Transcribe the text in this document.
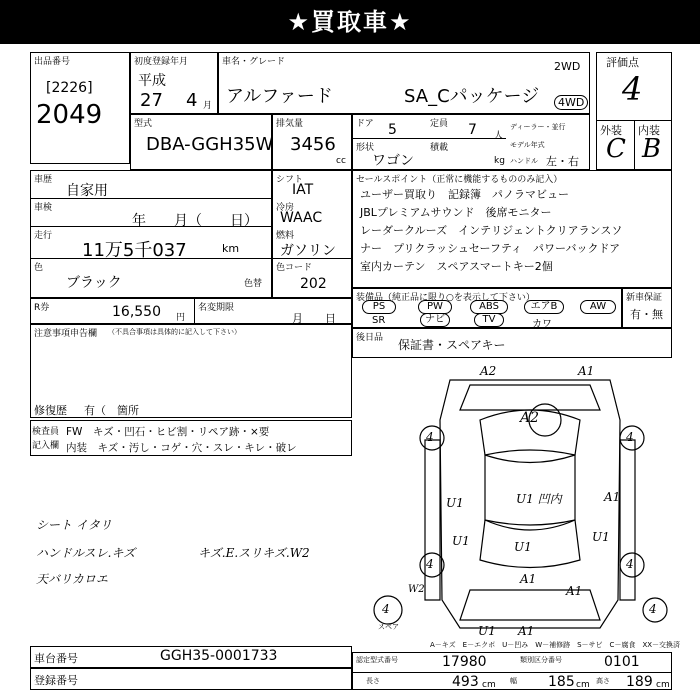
★買取車★
出品番号
[2226]
2049
初度登録年月
平成
27 4 月
車名・グレード
アルファード	SA_Cパッケージ
2WD
4WD
評価点
4
外装 内装
C B
型式
DBA-GGH35W
排気量
3456
cc
ドア 5	定員 7 人
ディーラー・並行
モデル年式
形状
ワゴン
積載
kg ハンドル 左・右
車歴
自家用
車検
年　　月（　　日）
走行
11万5千037	km
色
ブラック	色替
シフト
IAT
冷房
WAAC
燃料
ガソリン
色コード
202
セールスポイント（正常に機能するもののみ記入）
ユーザー買取り　記録簿　パノラマビュー
JBLプレミアムサウンド　後席モニター
レーダークルーズ　インテリジェントクリアランスソ
ナー　プリクラッシュセーフティ　パワーバックドア
室内カーテン　スペアスマートキー2個
R券	16,550 円
名変期限
月　　日
装備品（純正品に限り○を表示して下さい）
PS	PW	ABS	エアB	AW
SR	ナビ	TV	カワ
新車保証
有・無
注意事項申告欄 （不具合事項は具体的に記入して下さい）
修復歴 有（　箇所
後日品 保証書・スペアキー
検査員
記入欄
FW　キズ・凹石・ヒビ割・リペア跡・×要
内装　キズ・汚し・コゲ・穴・スレ・キレ・破レ
シート イタリ
ハンドルスレ.キズ
天バリカロエ
キズ.E.スリキズ.W2
A2	A1
A2
U1
U1
A1
U1
U1
U1 凹内
A1
W2	A1
U1
A1
4	4
4	4
4	4
スペア
A－キズ　E－エクボ　U－凹み　W－補修跡　S－サビ　C－腐食　XX－交換済
車台番号	GGH35-0001733
登録番号
認定型式番号	17980	類別区分番号	0101
長さ	493 cm 幅 185 cm 高さ 189 cm
